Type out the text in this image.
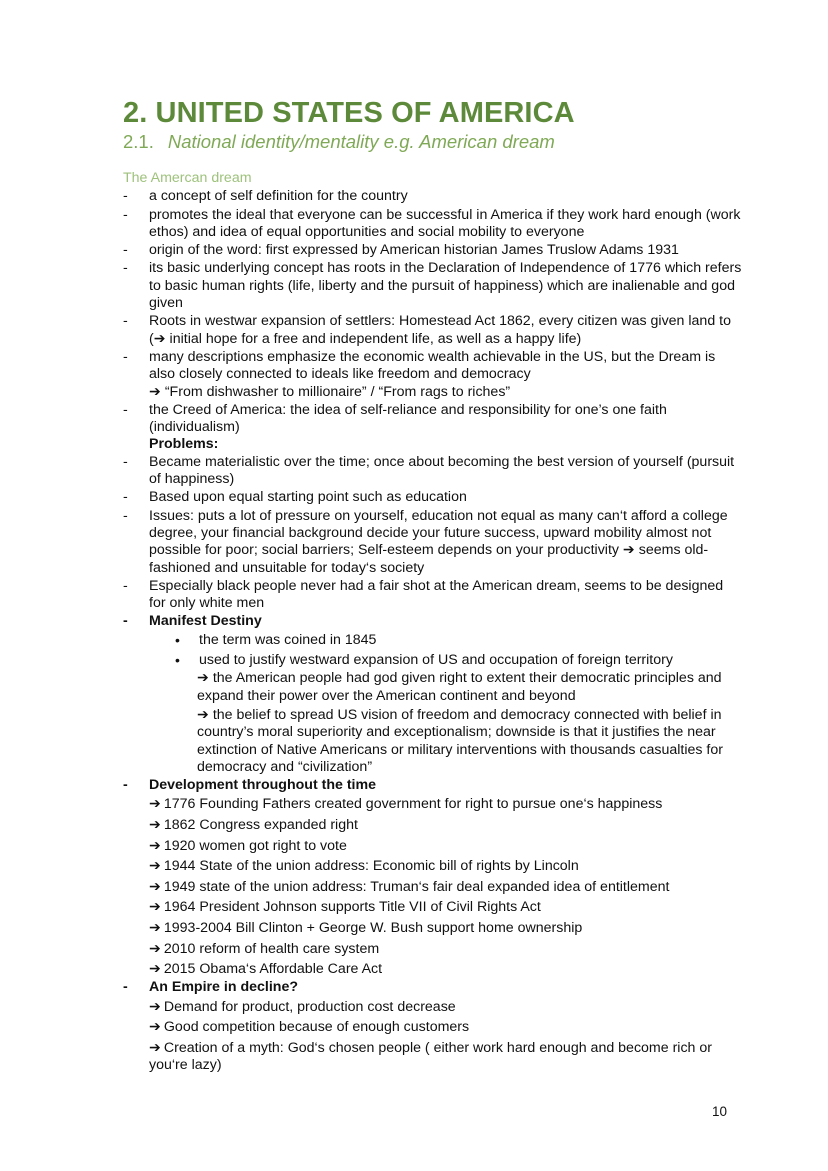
2. UNITED STATES OF AMERICA
2.1. National identity/mentality e.g. American dream
The Amercan dream

- a concept of self definition for the country

- promotes the ideal that everyone can be successful in America if they work hard enough (work ethos) and idea of equal opportunities and social mobility to everyone

- origin of the word: first expressed by American historian James Truslow Adams 1931

- its basic underlying concept has roots in the Declaration of Independence of 1776 which refers to basic human rights (life, liberty and the pursuit of happiness) which are inalienable and god given

- Roots in westwar expansion of settlers: Homestead Act 1862, every citizen was given land to (➔ initial hope for a free and independent life, as well as a happy life)

- many descriptions emphasize the economic wealth achievable in the US, but the Dream is also closely connected to ideals like freedom and democracy

➔ “From dishwasher to millionaire” / “From rags to riches”

- the Creed of America: the idea of self-reliance and responsibility for one’s one faith (individualism)

Problems:

- Became materialistic over the time; once about becoming the best version of yourself (pursuit of happiness)

- Based upon equal starting point such as education

- Issues: puts a lot of pressure on yourself, education not equal as many can‘t afford a college degree, your financial background decide your future success, upward mobility almost not possible for poor; social barriers; Self-esteem depends on your productivity ➔ seems old-fashioned and unsuitable for today‘s society

- Especially black people never had a fair shot at the American dream, seems to be designed for only white men

- Manifest Destiny

• the term was coined in 1845

• used to justify westward expansion of US and occupation of foreign territory

➔ the American people had god given right to extent their democratic principles and expand their power over the American continent and beyond

➔ the belief to spread US vision of freedom and democracy connected with belief in country’s moral superiority and exceptionalism; downside is that it justifies the near extinction of Native Americans or military interventions with thousands casualties for democracy and “civilization”

- Development throughout the time

➔ 1776 Founding Fathers created government for right to pursue one‘s happiness

➔ 1862 Congress expanded right

➔ 1920 women got right to vote

➔ 1944 State of the union address: Economic bill of rights by Lincoln

➔ 1949 state of the union address: Truman‘s fair deal expanded idea of entitlement

➔ 1964 President Johnson supports Title VII of Civil Rights Act

➔ 1993-2004 Bill Clinton + George W. Bush support home ownership

➔ 2010 reform of health care system

➔ 2015 Obama‘s Affordable Care Act

- An Empire in decline?

➔ Demand for product, production cost decrease

➔ Good competition because of enough customers

➔ Creation of a myth: God‘s chosen people ( either work hard enough and become rich or you‘re lazy)

10
